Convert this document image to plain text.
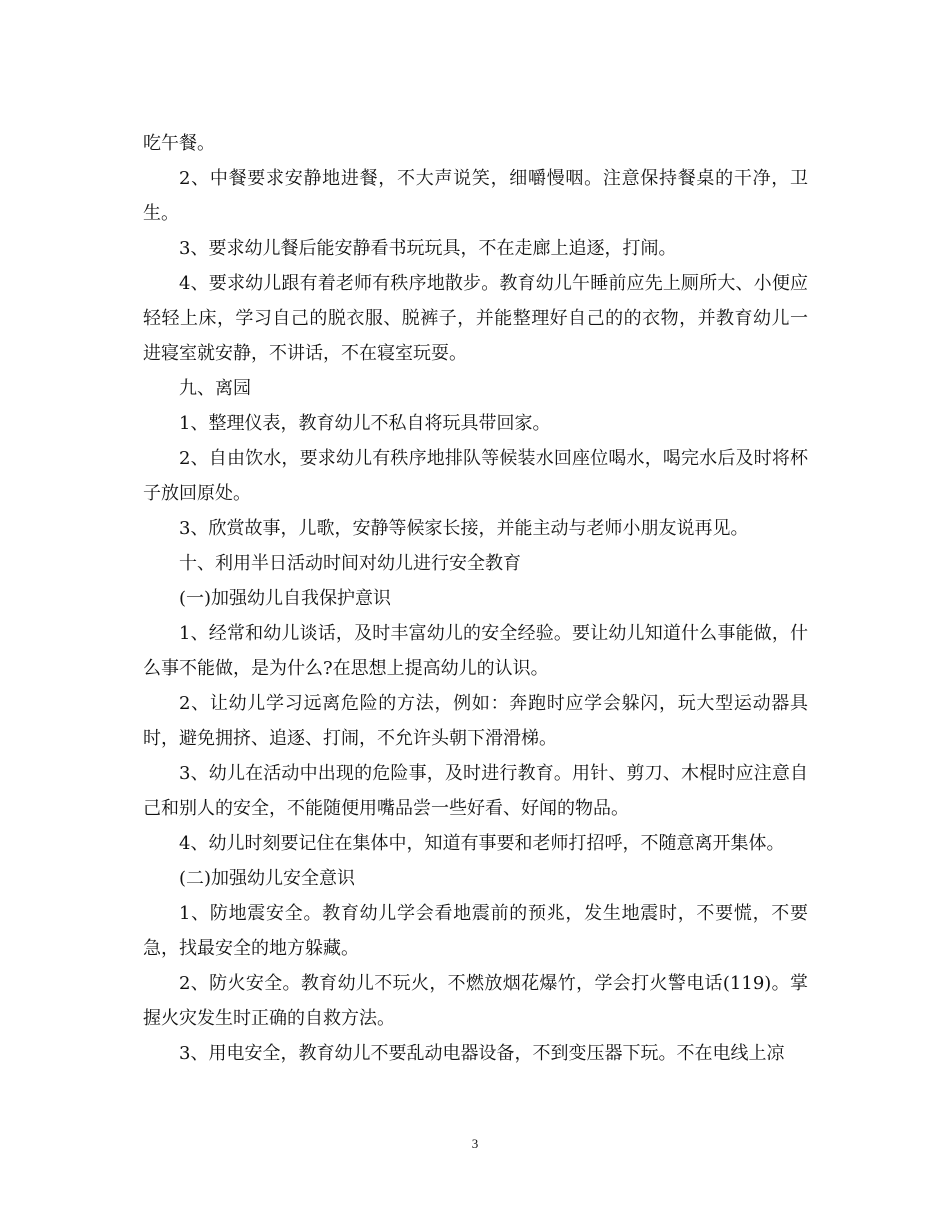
吃午餐。

2、中餐要求安静地进餐，不大声说笑，细嚼慢咽。注意保持餐桌的干净，卫生。

3、要求幼儿餐后能安静看书玩玩具，不在走廊上追逐，打闹。

4、要求幼儿跟有着老师有秩序地散步。教育幼儿午睡前应先上厕所大、小便应轻轻上床，学习自己的脱衣服、脱裤子，并能整理好自己的的衣物，并教育幼儿一进寝室就安静，不讲话，不在寝室玩耍。

九、离园

1、整理仪表，教育幼儿不私自将玩具带回家。

2、自由饮水，要求幼儿有秩序地排队等候装水回座位喝水，喝完水后及时将杯子放回原处。

3、欣赏故事，儿歌，安静等候家长接，并能主动与老师小朋友说再见。

十、利用半日活动时间对幼儿进行安全教育

(一)加强幼儿自我保护意识

1、经常和幼儿谈话，及时丰富幼儿的安全经验。要让幼儿知道什么事能做，什么事不能做，是为什么?在思想上提高幼儿的认识。

2、让幼儿学习远离危险的方法，例如：奔跑时应学会躲闪，玩大型运动器具时，避免拥挤、追逐、打闹，不允许头朝下滑滑梯。

3、幼儿在活动中出现的危险事，及时进行教育。用针、剪刀、木棍时应注意自己和别人的安全，不能随便用嘴品尝一些好看、好闻的物品。

4、幼儿时刻要记住在集体中，知道有事要和老师打招呼，不随意离开集体。

(二)加强幼儿安全意识

1、防地震安全。教育幼儿学会看地震前的预兆，发生地震时，不要慌，不要急，找最安全的地方躲藏。

2、防火安全。教育幼儿不玩火，不燃放烟花爆竹，学会打火警电话(119)。掌握火灾发生时正确的自救方法。

3、用电安全，教育幼儿不要乱动电器设备，不到变压器下玩。不在电线上凉

3
